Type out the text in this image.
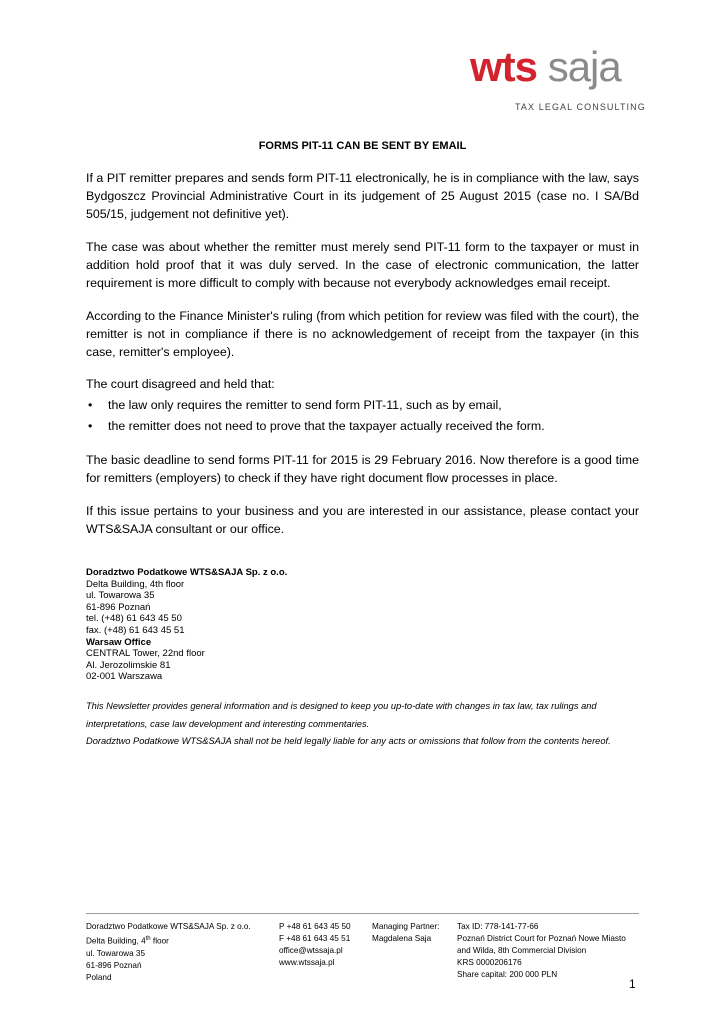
wts saja
TAX LEGAL CONSULTING
FORMS PIT-11 CAN BE SENT BY EMAIL

If a PIT remitter prepares and sends form PIT-11 electronically, he is in compliance with the law, says Bydgoszcz Provincial Administrative Court in its judgement of 25 August 2015 (case no. I SA/Bd 505/15, judgement not definitive yet).

The case was about whether the remitter must merely send PIT-11 form to the taxpayer or must in addition hold proof that it was duly served. In the case of electronic communication, the latter requirement is more difficult to comply with because not everybody acknowledges email receipt.

According to the Finance Minister's ruling (from which petition for review was filed with the court), the remitter is not in compliance if there is no acknowledgement of receipt from the taxpayer (in this case, remitter's employee).

The court disagreed and held that:

• the law only requires the remitter to send form PIT-11, such as by email,
• the remitter does not need to prove that the taxpayer actually received the form.

The basic deadline to send forms PIT-11 for 2015 is 29 February 2016. Now therefore is a good time for remitters (employers) to check if they have right document flow processes in place.

If this issue pertains to your business and you are interested in our assistance, please contact your WTS&SAJA consultant or our office.

Doradztwo Podatkowe WTS&SAJA Sp. z o.o.
Delta Building, 4th floor
ul. Towarowa 35
61-896 Poznań
tel. (+48) 61 643 45 50
fax. (+48) 61 643 45 51
Warsaw Office
CENTRAL Tower, 22nd floor
Al. Jerozolimskie 81
02-001 Warszawa
This Newsletter provides general information and is designed to keep you up-to-date with changes in tax law, tax rulings and interpretations, case law development and interesting commentaries.
Doradztwo Podatkowe WTS&SAJA shall not be held legally liable for any acts or omissions that follow from the contents hereof.
Doradztwo Podatkowe WTS&SAJA Sp. z o.o.
Delta Building, 4th floor
ul. Towarowa 35
61-896 Poznań
Poland
P +48 61 643 45 50
F +48 61 643 45 51
office@wtssaja.pl
www.wtssaja.pl
Managing Partner:
Magdalena Saja
Tax ID: 778-141-77-66
Poznań District Court for Poznań Nowe Miasto
and Wilda, 8th Commercial Division
KRS 0000206176
Share capital: 200 000 PLN
1
